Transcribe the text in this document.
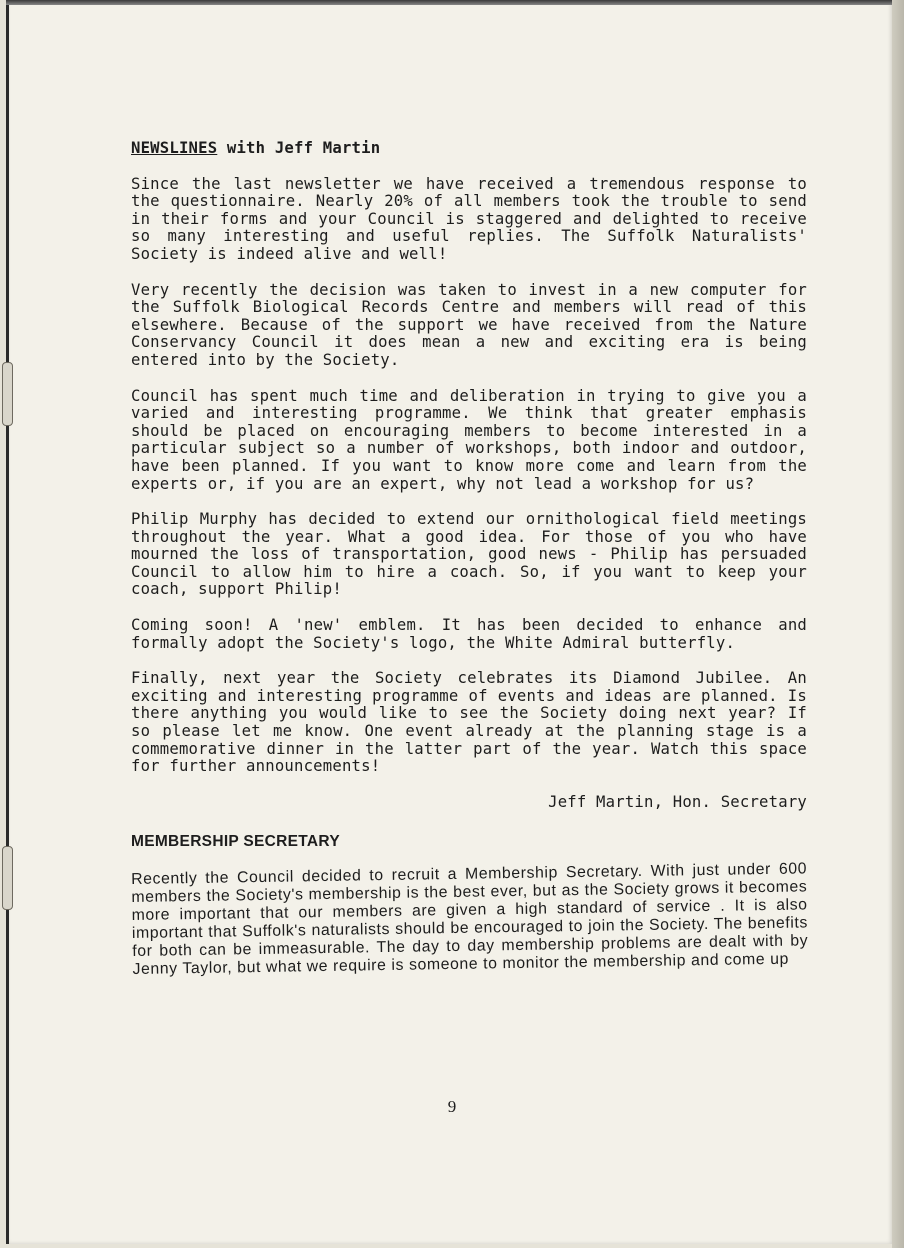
NEWSLINES with Jeff Martin

Since the last newsletter we have received a tremendous response to the questionnaire. Nearly 20% of all members took the trouble to send in their forms and your Council is staggered and delighted to receive so many interesting and useful replies. The Suffolk Naturalists' Society is indeed alive and well!

Very recently the decision was taken to invest in a new computer for the Suffolk Biological Records Centre and members will read of this elsewhere. Because of the support we have received from the Nature Conservancy Council it does mean a new and exciting era is being entered into by the Society.

Council has spent much time and deliberation in trying to give you a varied and interesting programme. We think that greater emphasis should be placed on encouraging members to become interested in a particular subject so a number of workshops, both indoor and outdoor, have been planned. If you want to know more come and learn from the experts or, if you are an expert, why not lead a workshop for us?

Philip Murphy has decided to extend our ornithological field meetings throughout the year. What a good idea. For those of you who have mourned the loss of transportation, good news - Philip has persuaded Council to allow him to hire a coach. So, if you want to keep your coach, support Philip!

Coming soon! A 'new' emblem. It has been decided to enhance and formally adopt the Society's logo, the White Admiral butterfly.

Finally, next year the Society celebrates its Diamond Jubilee. An exciting and interesting programme of events and ideas are planned. Is there anything you would like to see the Society doing next year? If so please let me know. One event already at the planning stage is a commemorative dinner in the latter part of the year. Watch this space for further announcements!

Jeff Martin, Hon. Secretary

MEMBERSHIP SECRETARY

Recently the Council decided to recruit a Membership Secretary. With just under 600 members the Society's membership is the best ever, but as the Society grows it becomes more important that our members are given a high standard of service . It is also important that Suffolk's naturalists should be encouraged to join the Society. The benefits for both can be immeasurable. The day to day membership problems are dealt with by Jenny Taylor, but what we require is someone to monitor the membership and come up

9
